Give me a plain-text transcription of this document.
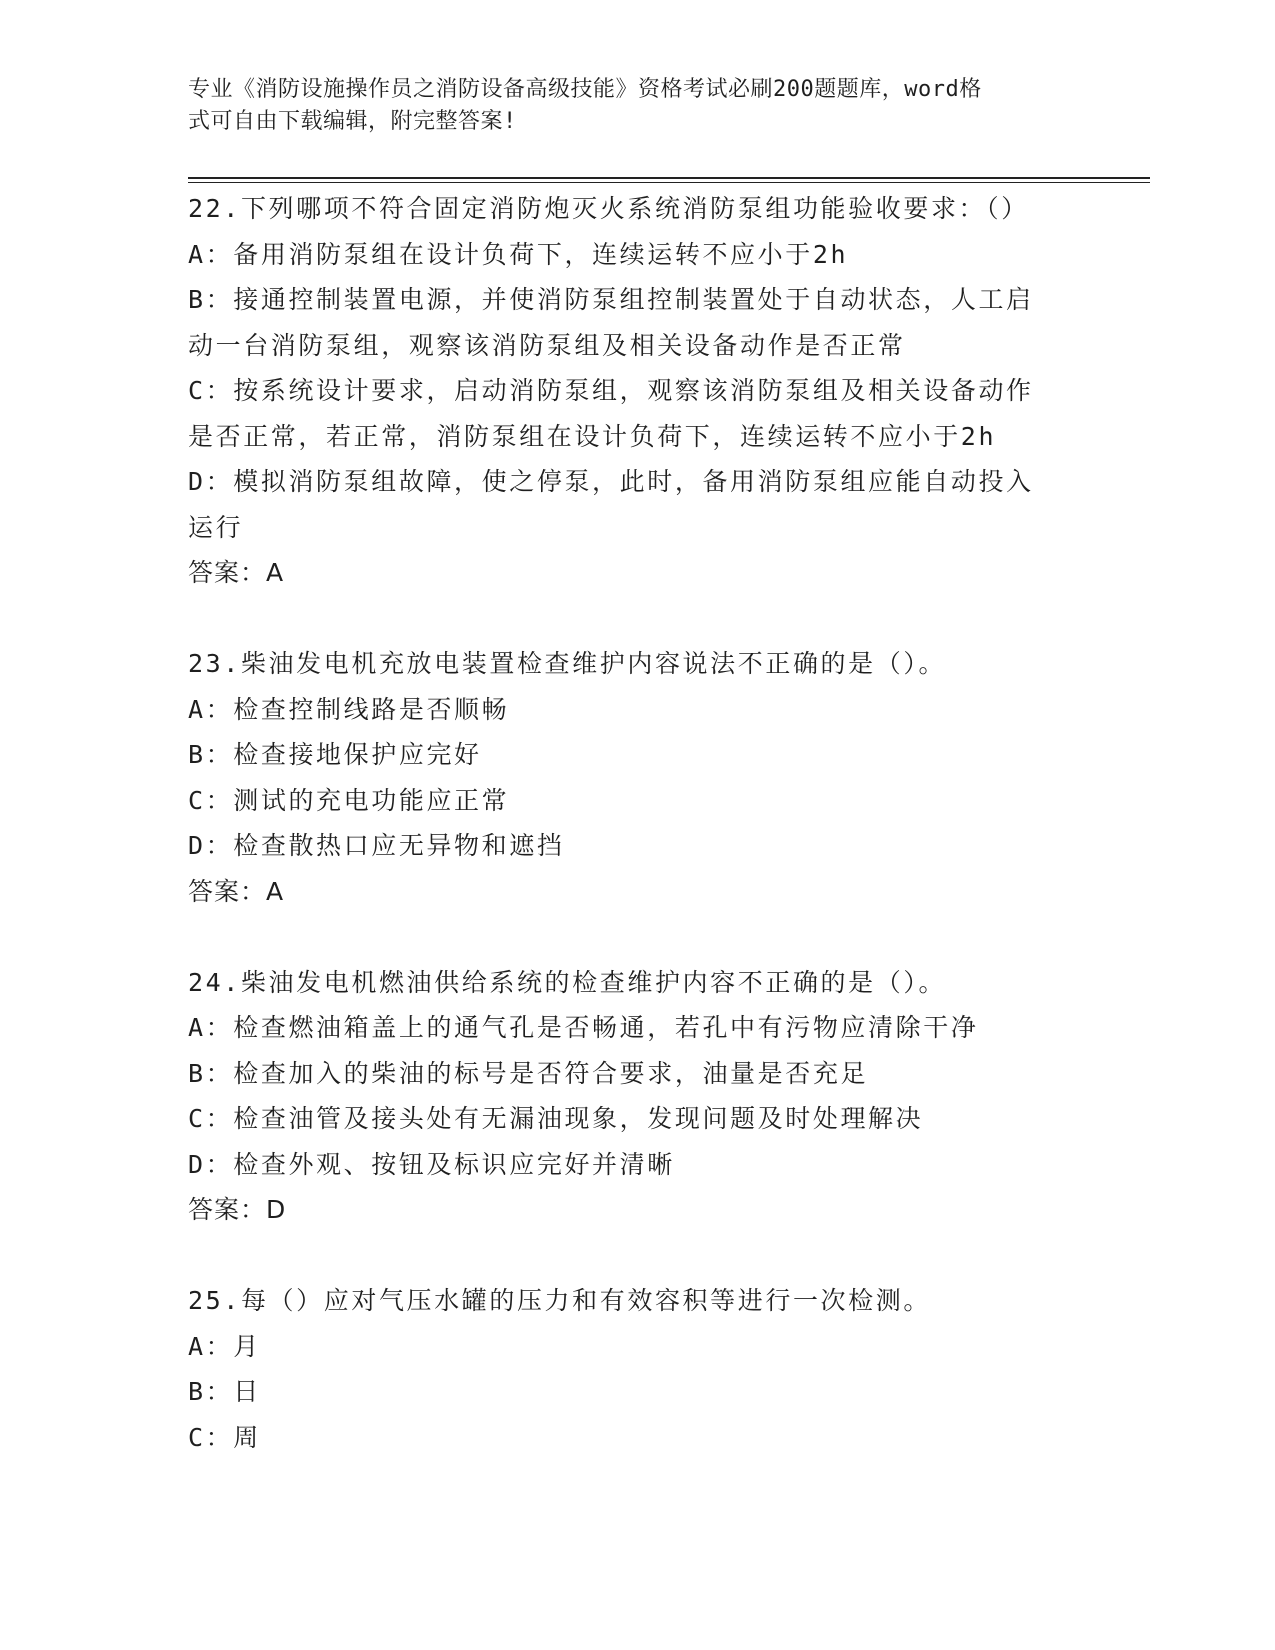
专业《消防设施操作员之消防设备高级技能》资格考试必刷200题题库，word格
式可自由下载编辑，附完整答案!
22.下列哪项不符合固定消防炮灭火系统消防泵组功能验收要求：（）
A：备用消防泵组在设计负荷下，连续运转不应小于2h
B：接通控制装置电源，并使消防泵组控制装置处于自动状态，人工启
动一台消防泵组，观察该消防泵组及相关设备动作是否正常
C：按系统设计要求，启动消防泵组，观察该消防泵组及相关设备动作
是否正常，若正常，消防泵组在设计负荷下，连续运转不应小于2h
D：模拟消防泵组故障，使之停泵，此时，备用消防泵组应能自动投入
运行
答案：A
23.柴油发电机充放电装置检查维护内容说法不正确的是（）。
A：检查控制线路是否顺畅
B：检查接地保护应完好
C：测试的充电功能应正常
D：检查散热口应无异物和遮挡
答案：A
24.柴油发电机燃油供给系统的检查维护内容不正确的是（）。
A：检查燃油箱盖上的通气孔是否畅通，若孔中有污物应清除干净
B：检查加入的柴油的标号是否符合要求，油量是否充足
C：检查油管及接头处有无漏油现象，发现问题及时处理解决
D：检查外观、按钮及标识应完好并清晰
答案：D
25.每（）应对气压水罐的压力和有效容积等进行一次检测。
A：月
B：日
C：周
